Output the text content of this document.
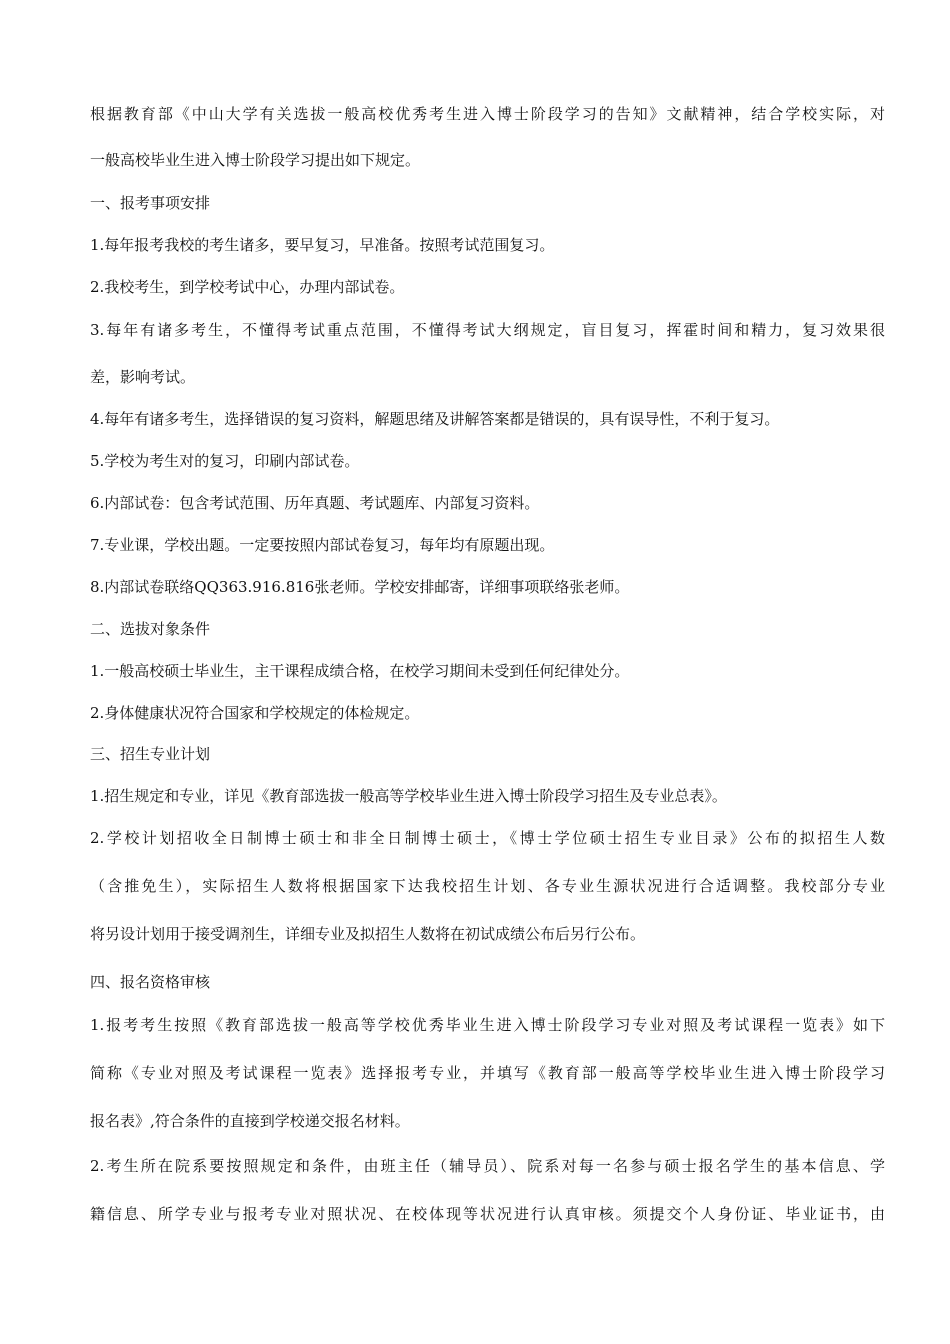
根据教育部《中山大学有关选拔一般高校优秀考生进入博士阶段学习的告知》文献精神，结合学校实际，对
一般高校毕业生进入博士阶段学习提出如下规定。
一、报考事项安排
1.每年报考我校的考生诸多，要早复习，早准备。按照考试范围复习。
2.我校考生，到学校考试中心，办理内部试卷。
3.每年有诸多考生，不懂得考试重点范围，不懂得考试大纲规定，盲目复习，挥霍时间和精力，复习效果很
差，影响考试。
4.每年有诸多考生，选择错误的复习资料，解题思绪及讲解答案都是错误的，具有误导性，不利于复习。
5.学校为考生对的复习，印刷内部试卷。
6.内部试卷：包含考试范围、历年真题、考试题库、内部复习资料。
7.专业课，学校出题。一定要按照内部试卷复习，每年均有原题出现。
8.内部试卷联络QQ363.916.816张老师。学校安排邮寄，详细事项联络张老师。
二、选拔对象条件
1.一般高校硕士毕业生，主干课程成绩合格，在校学习期间未受到任何纪律处分。
2.身体健康状况符合国家和学校规定的体检规定。
三、招生专业计划
1.招生规定和专业，详见《教育部选拔一般高等学校毕业生进入博士阶段学习招生及专业总表》。
2.学校计划招收全日制博士硕士和非全日制博士硕士，《博士学位硕士招生专业目录》公布的拟招生人数
（含推免生），实际招生人数将根据国家下达我校招生计划、各专业生源状况进行合适调整。我校部分专业
将另设计划用于接受调剂生，详细专业及拟招生人数将在初试成绩公布后另行公布。
四、报名资格审核
1.报考考生按照《教育部选拔一般高等学校优秀毕业生进入博士阶段学习专业对照及考试课程一览表》如下
简称《专业对照及考试课程一览表》选择报考专业，并填写《教育部一般高等学校毕业生进入博士阶段学习
报名表》,符合条件的直接到学校递交报名材料。
2.考生所在院系要按照规定和条件，由班主任（辅导员）、院系对每一名参与硕士报名学生的基本信息、学
籍信息、所学专业与报考专业对照状况、在校体现等状况进行认真审核。须提交个人身份证、毕业证书，由
